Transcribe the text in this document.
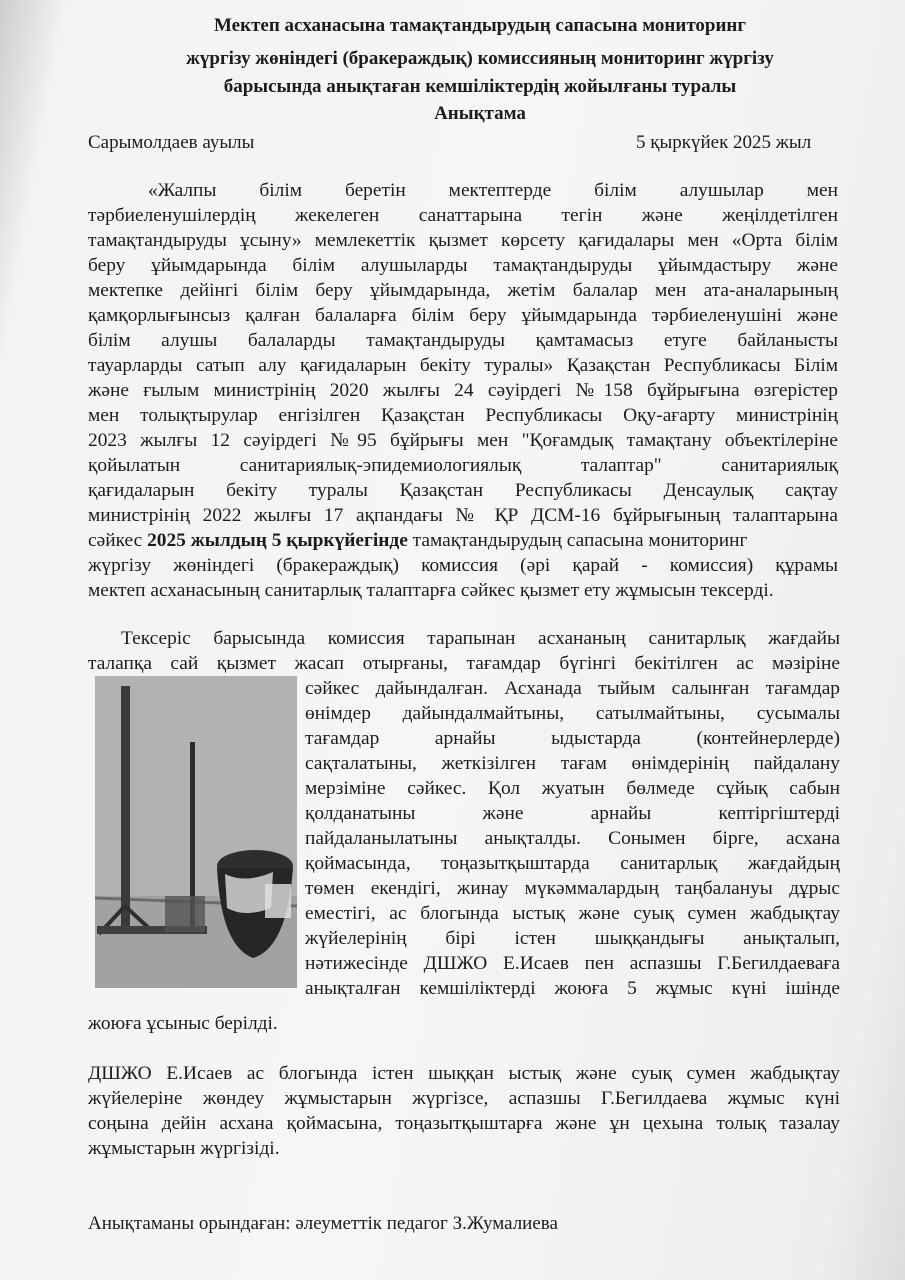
Мектеп асханасына тамақтандырудың сапасына мониторинг
жүргізу жөніндегі (бракераждық) комиссияның мониторинг жүргізу
барысында анықтаған кемшіліктердің жойылғаны туралы
Анықтама
Сарымолдаев ауылы	5 қыркүйек 2025 жыл
«Жалпы білім беретін мектептерде білім алушылар мен
тәрбиеленушілердің жекелеген санаттарына тегін және жеңілдетілген
тамақтандыруды ұсыну» мемлекеттік қызмет көрсету қағидалары мен «Орта білім
беру ұйымдарында білім алушыларды тамақтандыруды ұйымдастыру және
мектепке дейінгі білім беру ұйымдарында, жетім балалар мен ата-аналарының
қамқорлығынсыз қалған балаларға білім беру ұйымдарында тәрбиеленушіні және
білім алушы балаларды тамақтандыруды қамтамасыз етуге байланысты
тауарларды сатып алу қағидаларын бекіту туралы» Қазақстан Республикасы Білім
және ғылым министрінің 2020 жылғы 24 сәуірдегі №158 бұйрығына өзгерістер
мен толықтырулар енгізілген Қазақстан Республикасы Оқу-ағарту министрінің
2023 жылғы 12 сәуірдегі №95 бұйрығы мен "Қоғамдық тамақтану объектілеріне
қойылатын санитариялық-эпидемиологиялық талаптар" санитариялық
қағидаларын бекіту туралы Қазақстан Республикасы Денсаулық сақтау
министрінің 2022 жылғы 17 ақпандағы № ҚР ДСМ-16 бұйрығының талаптарына
сәйкес 2025 жылдың 5 қыркүйегінде тамақтандырудың сапасына мониторинг
жүргізу жөніндегі (бракераждық) комиссия (əрі қарай - комиссия) құрамы
мектеп асханасының санитарлық талаптарға сәйкес қызмет ету жұмысын тексерді.
Тексеріс барысында комиссия тарапынан асхананың санитарлық жағдайы
талапқа сай қызмет жасап отырғаны, тағамдар бүгінгі бекітілген ас мәзіріне
сәйкес дайындалған. Асханада тыйым салынған тағамдар
өнімдер дайындалмайтыны, сатылмайтыны, сусымалы
тағамдар арнайы ыдыстарда (контейнерлерде)
сақталатыны, жеткізілген тағам өнімдерінің пайдалану
мерзіміне сәйкес. Қол жуатын бөлмеде сұйық сабын
қолданатыны және арнайы кептіргіштерді
пайдаланылатыны анықталды. Сонымен бірге, асхана
қоймасында, тоңазытқыштарда санитарлық жағдайдың
төмен екендігі, жинау мүкәммалардың таңбалануы дұрыс
еместігі, ас блогында ыстық және суық сумен жабдықтау
жүйелерінің бірі істен шыққандығы анықталып,
нәтижесінде ДШЖО Е.Исаев пен аспазшы Г.Бегилдаеваға
анықталған кемшіліктерді жоюға 5 жұмыс күні ішінде
жоюға ұсыныс берілді.
ДШЖО Е.Исаев ас блогында істен шыққан ыстық және суық сумен жабдықтау
жүйелеріне жөндеу жұмыстарын жүргізсе, аспазшы Г.Бегилдаева жұмыс күні
соңына дейін асхана қоймасына, тоңазытқыштарға және ұн цехына толық тазалау
жұмыстарын жүргізіді.
Анықтаманы орындаған: әлеуметтік педагог З.Жумалиева
